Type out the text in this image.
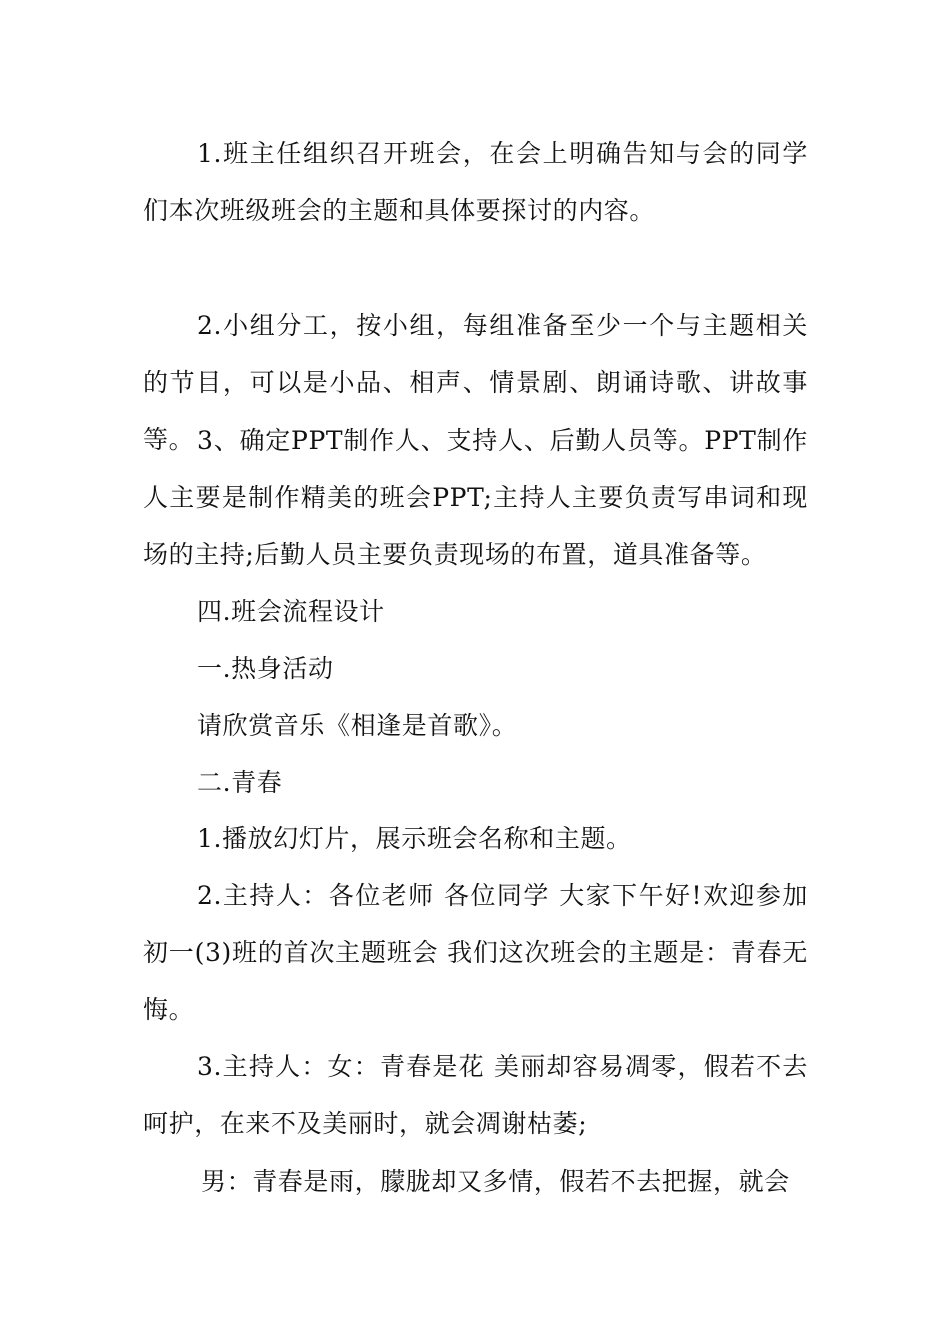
1.班主任组织召开班会，在会上明确告知与会的同学们本次班级班会的主题和具体要探讨的内容。

2.小组分工，按小组，每组准备至少一个与主题相关的节目，可以是小品、相声、情景剧、朗诵诗歌、讲故事等。 3、确定PPT制作人、支持人、后勤人员等。PPT制作人主要是制作精美的班会PPT;主持人主要负责写串词和现场的主持;后勤人员主要负责现场的布置，道具准备等。

四.班会流程设计

一.热身活动

请欣赏音乐《相逢是首歌》。

二.青春

1.播放幻灯片，展示班会名称和主题。

2.主持人：各位老师 各位同学 大家下午好!欢迎参加初一(3)班的首次主题班会 我们这次班会的主题是：青春无悔。

3.主持人：女：青春是花 美丽却容易凋零，假若不去呵护，在来不及美丽时，就会凋谢枯萎;

男：青春是雨，朦胧却又多情，假若不去把握，就会
